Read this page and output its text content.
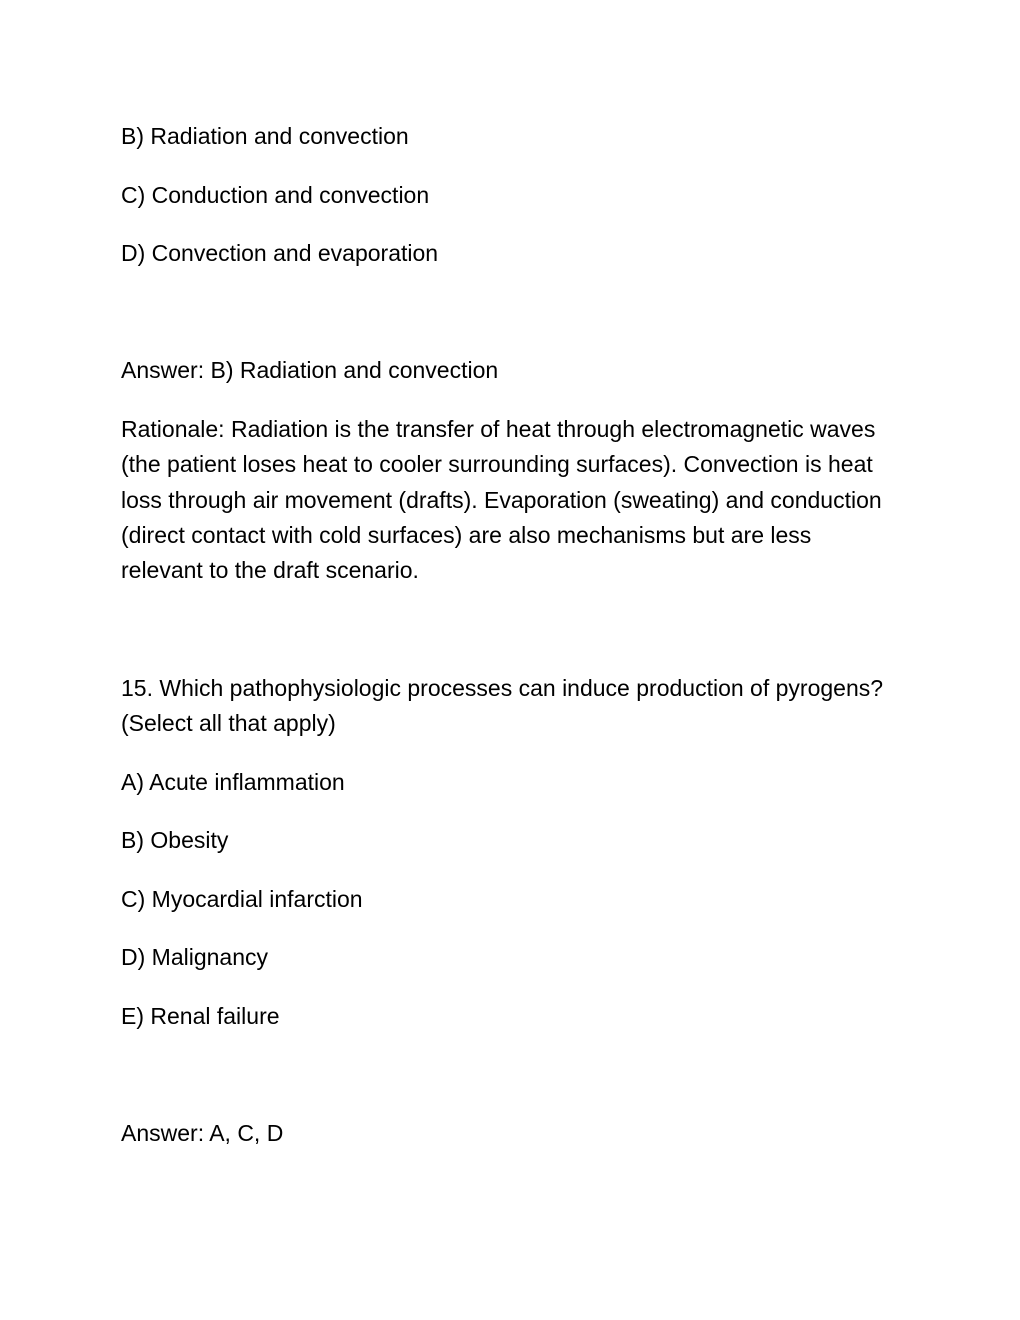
B) Radiation and convection
C) Conduction and convection
D) Convection and evaporation
Answer: B) Radiation and convection
Rationale: Radiation is the transfer of heat through electromagnetic waves (the patient loses heat to cooler surrounding surfaces). Convection is heat loss through air movement (drafts). Evaporation (sweating) and conduction (direct contact with cold surfaces) are also mechanisms but are less relevant to the draft scenario.
15. Which pathophysiologic processes can induce production of pyrogens? (Select all that apply)
A) Acute inflammation
B) Obesity
C) Myocardial infarction
D) Malignancy
E) Renal failure
Answer: A, C, D
